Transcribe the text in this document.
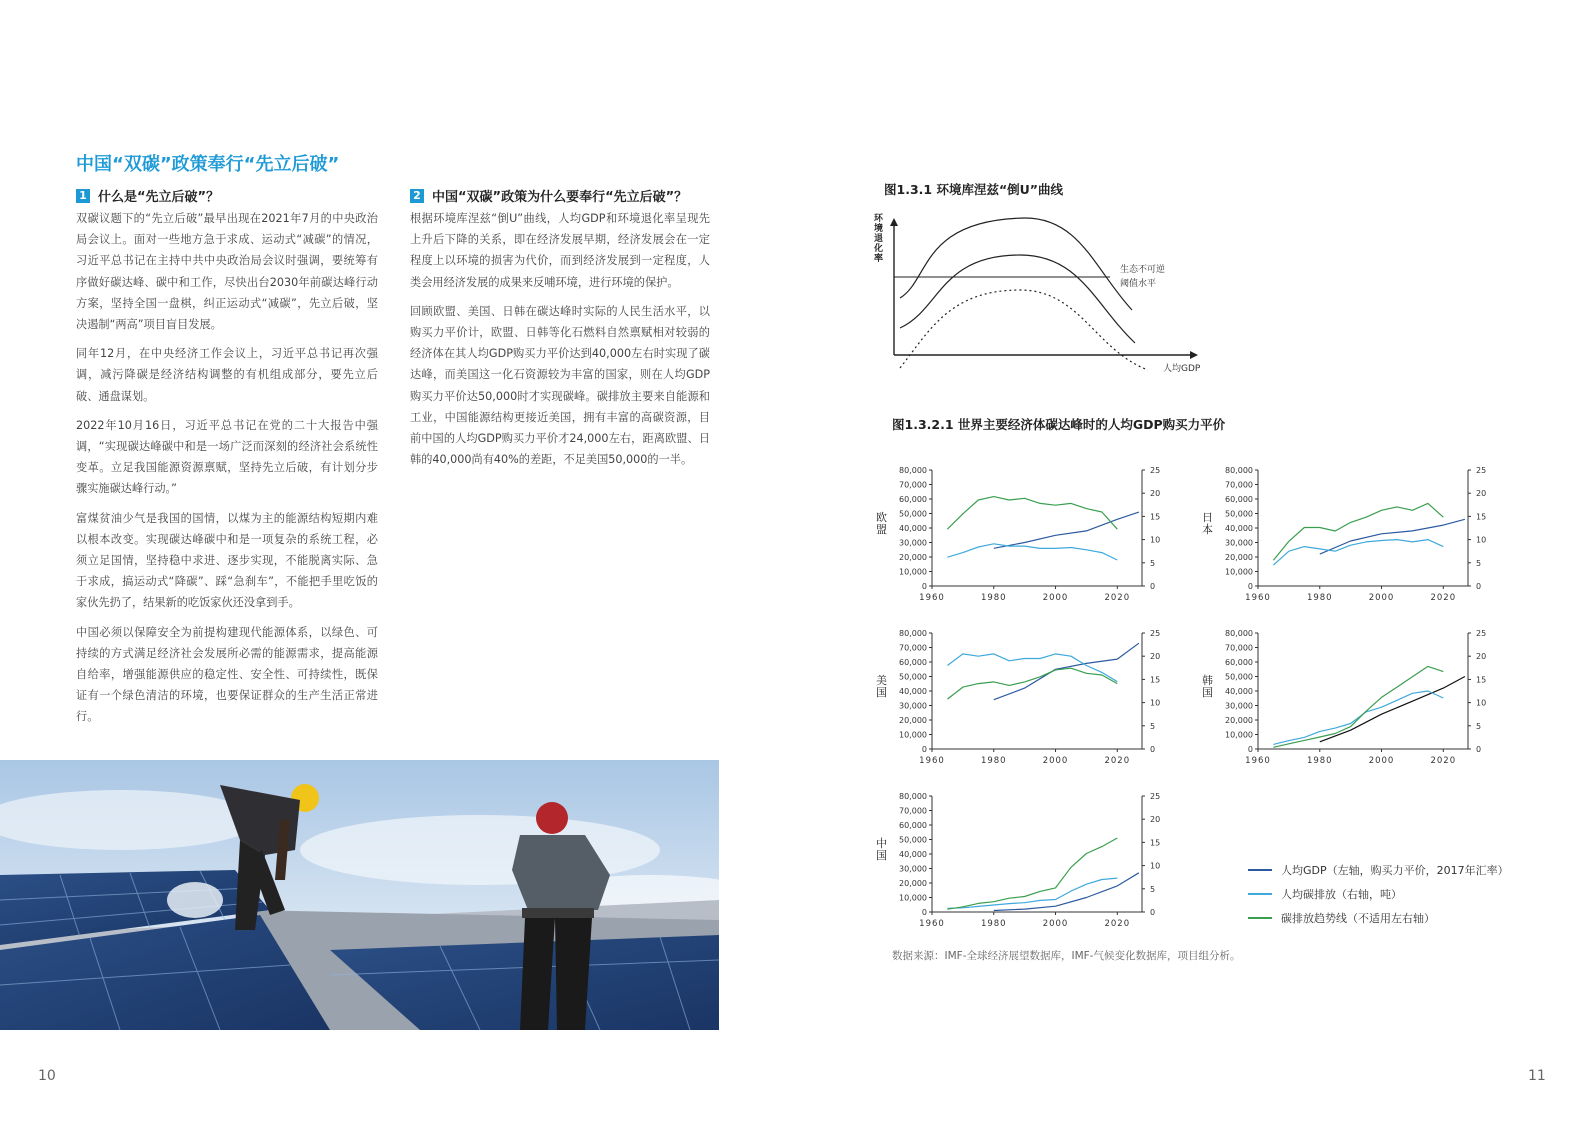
中国“双碳”政策奉行“先立后破”
1 什么是“先立后破”？

双碳议题下的“先立后破”最早出现在2021年7月的中央政治局会议上。面对一些地方急于求成、运动式“减碳”的情况，习近平总书记在主持中共中央政治局会议时强调，要统筹有序做好碳达峰、碳中和工作，尽快出台2030年前碳达峰行动方案，坚持全国一盘棋，纠正运动式“减碳”，先立后破，坚决遏制“两高”项目盲目发展。

同年12月，在中央经济工作会议上，习近平总书记再次强调，减污降碳是经济结构调整的有机组成部分，要先立后破、通盘谋划。

2022年10月16日，习近平总书记在党的二十大报告中强调，“实现碳达峰碳中和是一场广泛而深刻的经济社会系统性变革。立足我国能源资源禀赋，坚持先立后破，有计划分步骤实施碳达峰行动。”

富煤贫油少气是我国的国情，以煤为主的能源结构短期内难以根本改变。实现碳达峰碳中和是一项复杂的系统工程，必须立足国情，坚持稳中求进、逐步实现，不能脱离实际、急于求成，搞运动式“降碳”、踩“急刹车”，不能把手里吃饭的家伙先扔了，结果新的吃饭家伙还没拿到手。

中国必须以保障安全为前提构建现代能源体系，以绿色、可持续的方式满足经济社会发展所必需的能源需求，提高能源自给率，增强能源供应的稳定性、安全性、可持续性，既保证有一个绿色清洁的环境，也要保证群众的生产生活正常进行。

2 中国“双碳”政策为什么要奉行“先立后破”？

根据环境库涅兹“倒U”曲线，人均GDP和环境退化率呈现先上升后下降的关系，即在经济发展早期，经济发展会在一定程度上以环境的损害为代价，而到经济发展到一定程度，人类会用经济发展的成果来反哺环境，进行环境的保护。

回顾欧盟、美国、日韩在碳达峰时实际的人民生活水平，以购买力平价计，欧盟、日韩等化石燃料自然禀赋相对较弱的经济体在其人均GDP购买力平价达到40,000左右时实现了碳达峰，而美国这一化石资源较为丰富的国家，则在人均GDP购买力平价达50,000时才实现碳峰。碳排放主要来自能源和工业，中国能源结构更接近美国，拥有丰富的高碳资源，目前中国的人均GDP购买力平价才24,000左右，距离欧盟、日韩的40,000尚有40%的差距，不足美国50,000的一半。

图1.3.1 环境库涅兹“倒U”曲线
生态不可逆
阈值水平
人均GDP
环境退化率
图1.3.2.1 世界主要经济体碳达峰时的人均GDP购买力平价
欧盟
0
10,000
20,000
30,000
40,000
50,000
60,000
70,000
80,000
0
5
10
15
20
25
1960	1980	2000	2020
日本
0
10,000
20,000
30,000
40,000
50,000
60,000
70,000
80,000
0
5
10
15
20
25
1960	1980	2000	2020
美国
0
10,000
20,000
30,000
40,000
50,000
60,000
70,000
80,000
0
5
10
15
20
25
1960	1980	2000	2020
韩国
0
10,000
20,000
30,000
40,000
50,000
60,000
70,000
80,000
0
5
10
15
20
25
1960	1980	2000	2020
中国
0
10,000
20,000
30,000
40,000
50,000
60,000
70,000
80,000
0
5
10
15
20
25
1960	1980	2000	2020
人均GDP（左轴，购买力平价，2017年汇率）
人均碳排放（右轴，吨）
碳排放趋势线（不适用左右轴）
数据来源：IMF-全球经济展望数据库，IMF-气候变化数据库，项目组分析。
10	11
